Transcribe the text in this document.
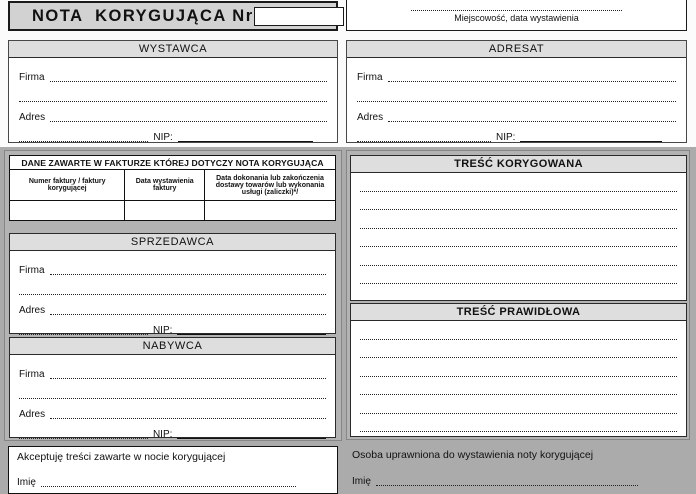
NOTA  KORYGUJĄCA Nr	Miejscowość, data wystawienia
WYSTAWCA
Firma
Adres
NIP:
ADRESAT
Firma
Adres
NIP:
DANE ZAWARTE W FAKTURZE KTÓREJ DOTYCZY NOTA KORYGUJĄCA
Numer faktury / faktury korygującej
Data wystawienia faktury
Data dokonania lub zakończenia dostawy towarów lub wykonania usługi (zaliczki)*/
SPRZEDAWCA
Firma
Adres
NIP:
NABYWCA
Firma
Adres
NIP:
TREŚĆ KORYGOWANA
TREŚĆ PRAWIDŁOWA
Akceptuję treści zawarte w nocie korygującej
Imię
Osoba uprawniona do wystawienia noty korygującej
Imię
